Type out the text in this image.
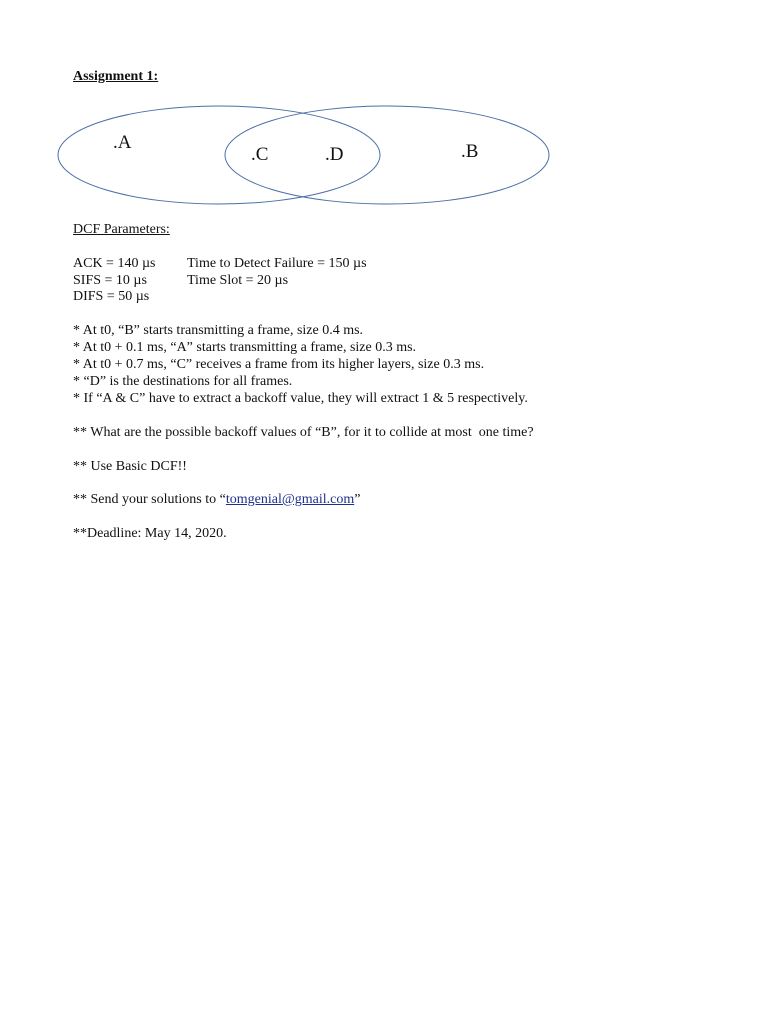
Assignment 1:
.A
.C	.D	.B
DCF Parameters:
ACK = 140 µs
SIFS = 10 µs
DIFS = 50 µs
Time to Detect Failure = 150 µs
Time Slot = 20 µs
* At t0, “B” starts transmitting a frame, size 0.4 ms.
* At t0 + 0.1 ms, “A” starts transmitting a frame, size 0.3 ms.
* At t0 + 0.7 ms, “C” receives a frame from its higher layers, size 0.3 ms.
* “D” is the destinations for all frames.
* If “A & C” have to extract a backoff value, they will extract 1 & 5 respectively.
** What are the possible backoff values of “B”, for it to collide at most  one time?
** Use Basic DCF!!
** Send your solutions to “tomgenial@gmail.com”
**Deadline: May 14, 2020.
